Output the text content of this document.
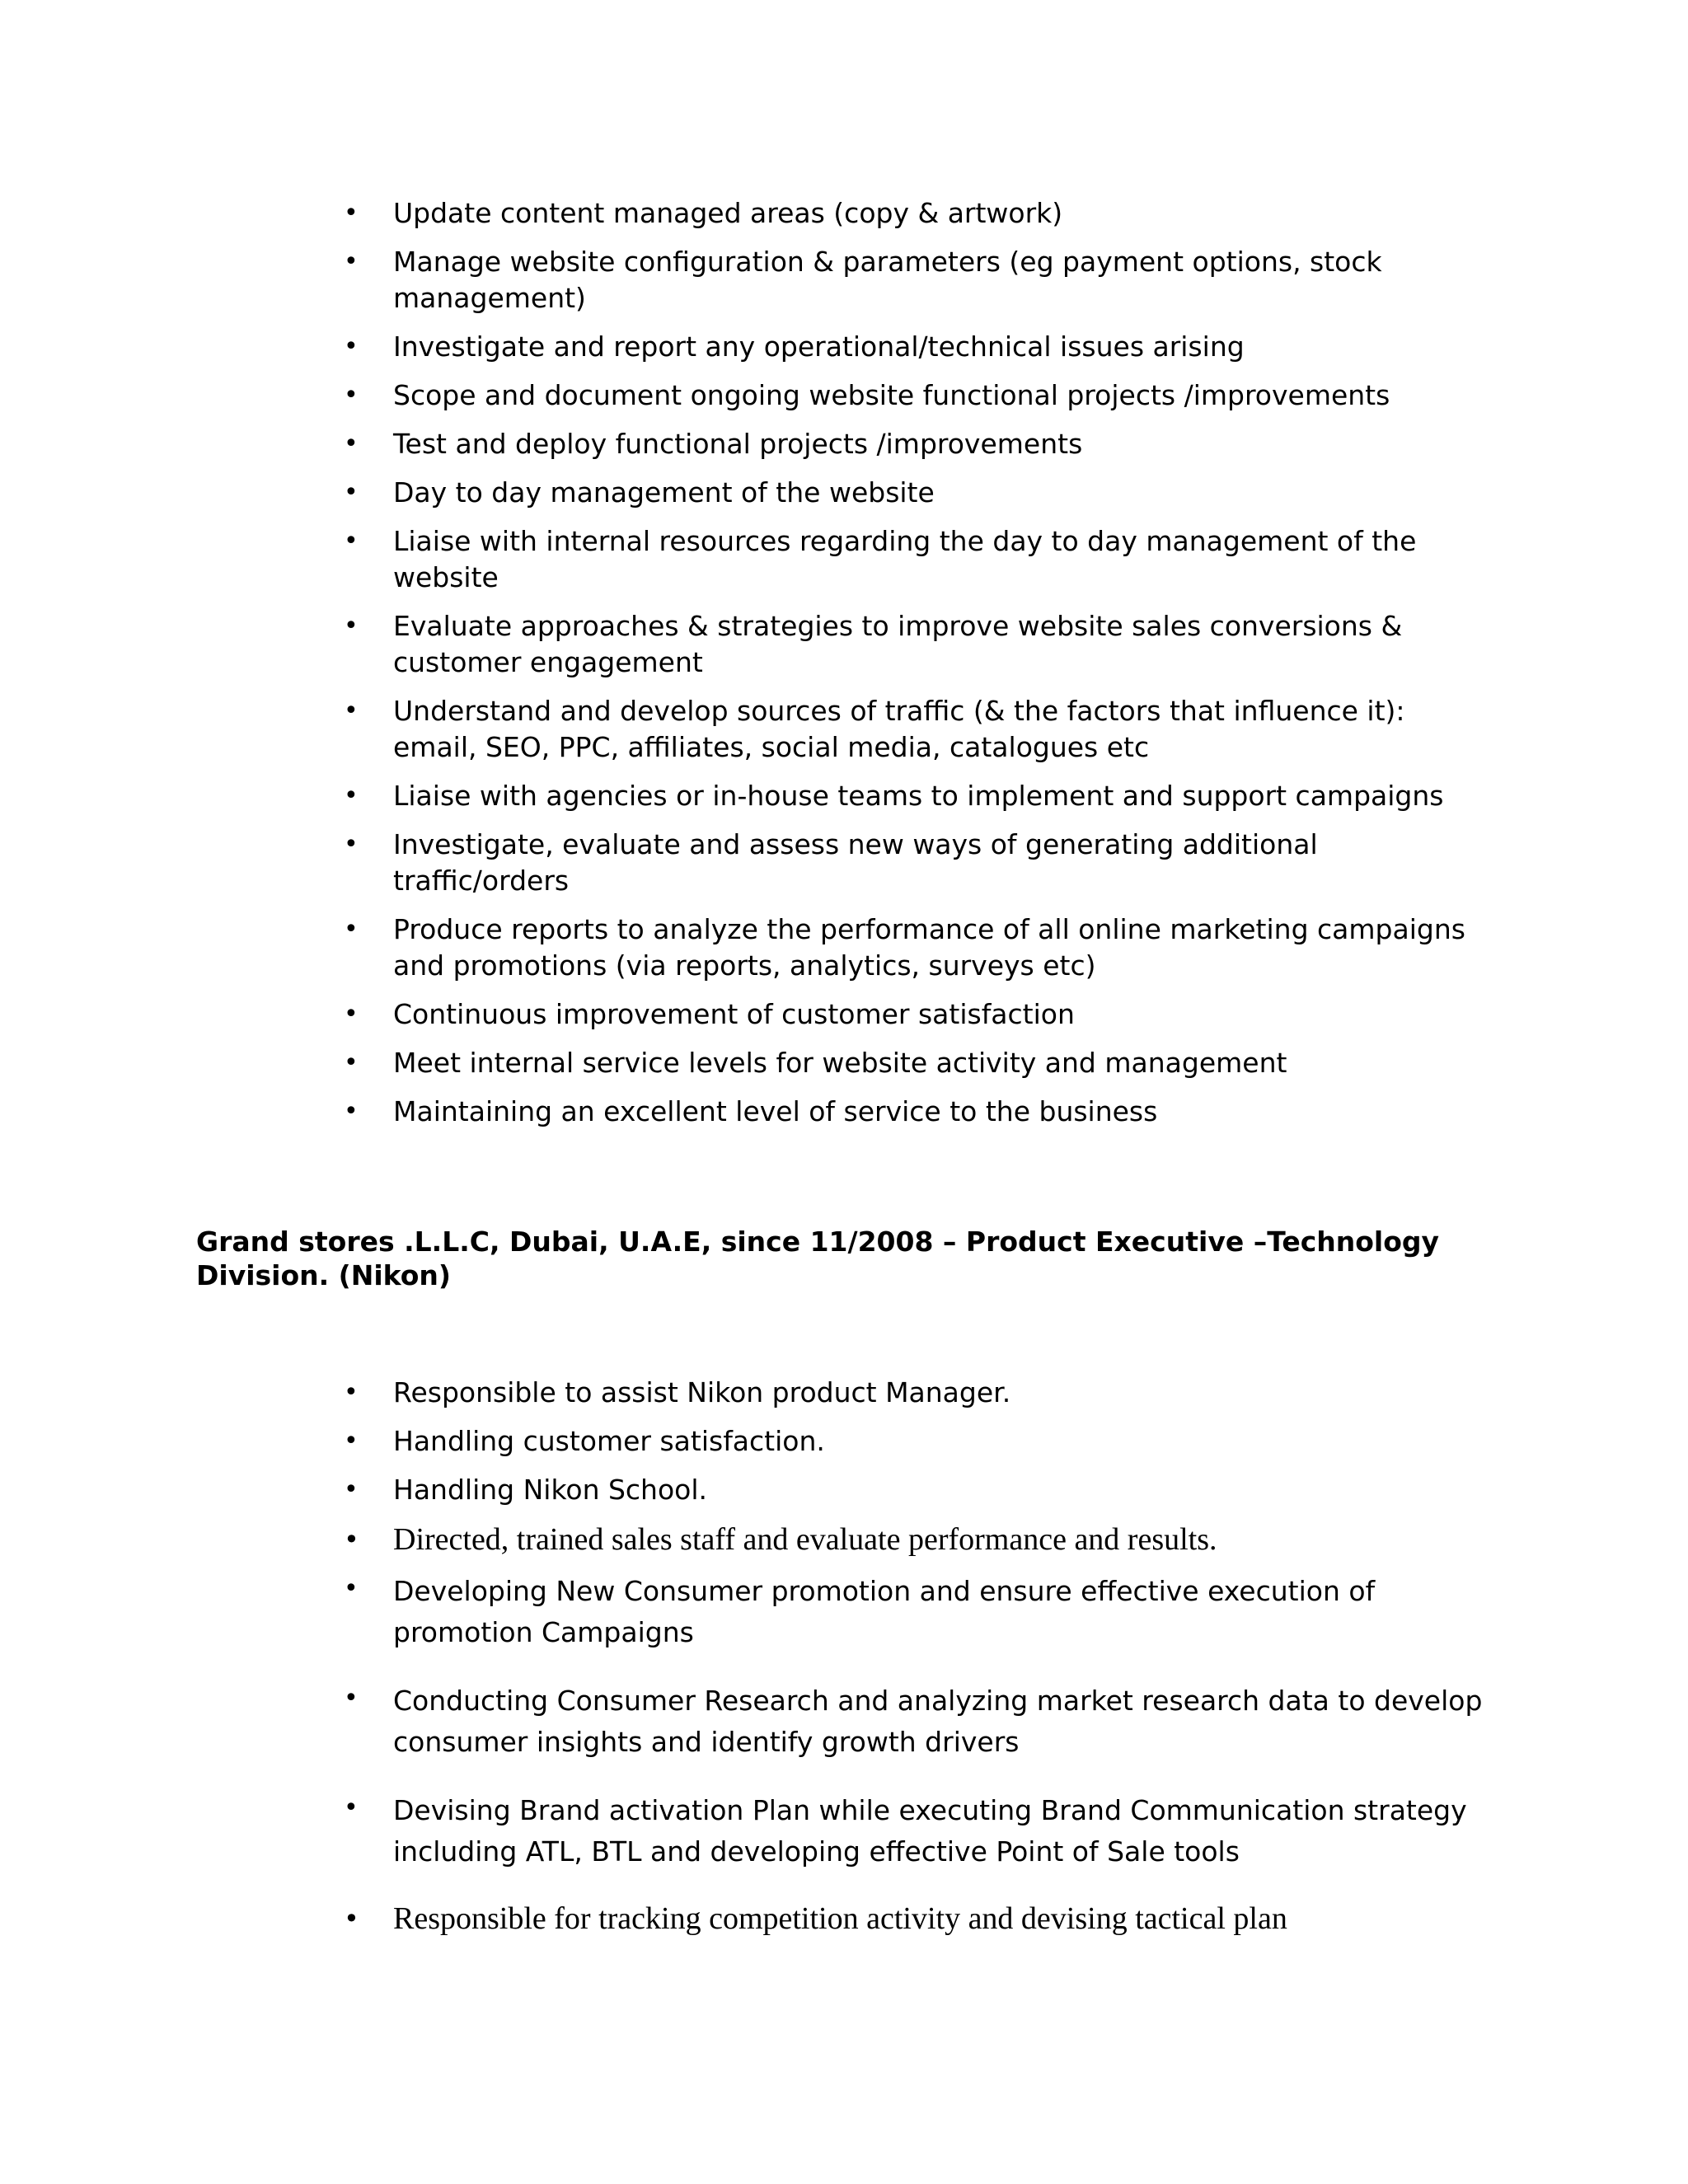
• Update content managed areas (copy & artwork)
• Manage website configuration & parameters (eg payment options, stock management)
• Investigate and report any operational/technical issues arising
• Scope and document ongoing website functional projects /improvements
• Test and deploy functional projects /improvements
• Day to day management of the website
• Liaise with internal resources regarding the day to day management of the website
• Evaluate approaches & strategies to improve website sales conversions & customer engagement
• Understand and develop sources of traffic (& the factors that influence it): email, SEO, PPC, affiliates, social media, catalogues etc
• Liaise with agencies or in-house teams to implement and support campaigns
• Investigate, evaluate and assess new ways of generating additional traffic/orders
• Produce reports to analyze the performance of all online marketing campaigns and promotions (via reports, analytics, surveys etc)
• Continuous improvement of customer satisfaction
• Meet internal service levels for website activity and management
• Maintaining an excellent level of service to the business

Grand stores .L.L.C, Dubai, U.A.E, since 11/2008 – Product Executive –Technology Division. (Nikon)

• Responsible to assist Nikon product Manager.
• Handling customer satisfaction.
• Handling Nikon School.
• Directed, trained sales staff and evaluate performance and results.
• Developing New Consumer promotion and ensure effective execution of promotion Campaigns
• Conducting Consumer Research and analyzing market research data to develop consumer insights and identify growth drivers
• Devising Brand activation Plan while executing Brand Communication strategy including ATL, BTL and developing effective Point of Sale tools
• Responsible for tracking competition activity and devising tactical plan
